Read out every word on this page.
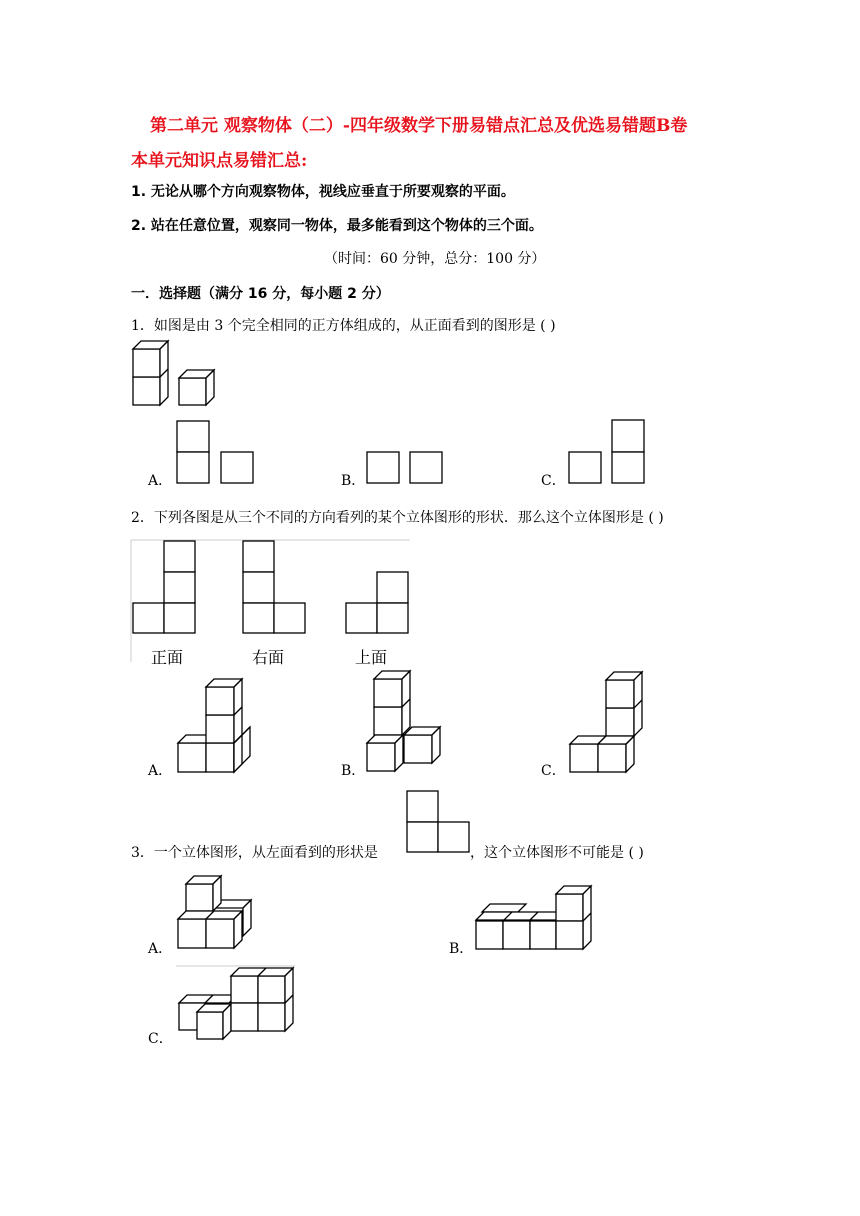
第二单元 观察物体（二）-四年级数学下册易错点汇总及优选易错题B卷
本单元知识点易错汇总:
1. 无论从哪个方向观察物体，视线应垂直于所要观察的平面。
2. 站在任意位置，观察同一物体，最多能看到这个物体的三个面。
（时间：60 分钟，总分：100 分）
一．选择题（满分 16 分，每小题 2 分）
1．如图是由 3 个完全相同的正方体组成的，从正面看到的图形是 ( )
A．	B．	C．
2．下列各图是从三个不同的方向看列的某个立体图形的形状．那么这个立体图形是 ( )
正面	右面	上面
A．	B．	C．
3．一个立体图形，从左面看到的形状是	，这个立体图形不可能是 ( )
A．	B．
C．
